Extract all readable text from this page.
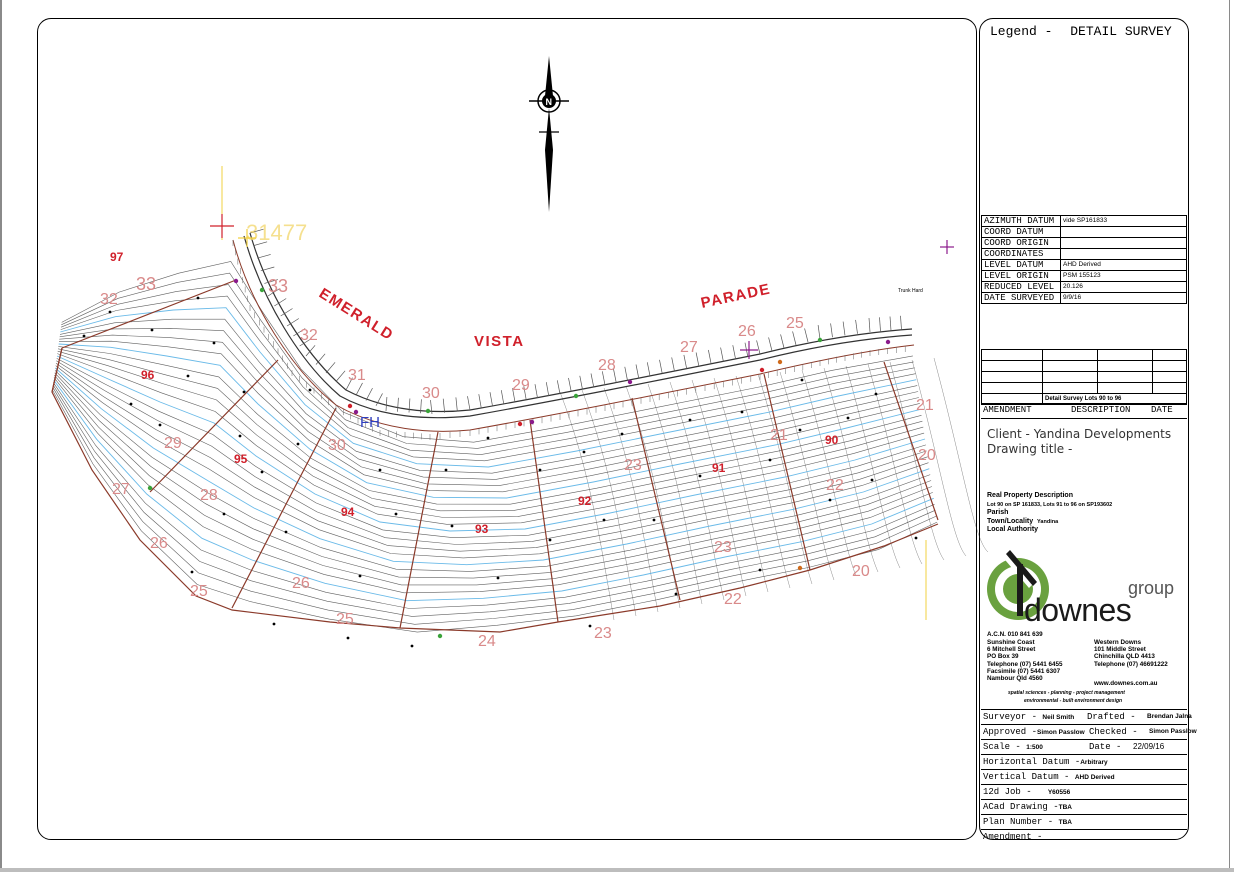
33
32
31
30
29
28
27
26
25	26
25
24	23
23
22
22
21
20
20
21
23
30	29
28
27
26 25
33
32	EMERALD	VISTA
PARADE
97
96
95
94
93
92
91
90
31477
FH
Trunk Hard
N
Legend - DETAIL SURVEY
AZIMUTH DATUM	vide SP161833
COORD DATUM	
COORD ORIGIN	
COORDINATES	
LEVEL DATUM	AHD Derived
LEVEL ORIGIN	PSM 155123
REDUCED LEVEL	20.126
DATE SURVEYED	9/9/16

	Detail Survey Lots 90 to 96		
AMENDMENT	DESCRIPTION DATE
Client - Yandina Developments
Drawing title -
Real Property Description
Lot 90 on SP 161833, Lots 91 to 96 on SP193602
Parish
Town/Locality Yandina
Local Authority
group
downes
A.C.N. 010 841 639
Sunshine Coast
6 Mitchell Street
PO Box 39
Telephone (07) 5441 6455
Facsimile (07) 5441 6307
Nambour Qld 4560
Western Downs
101 Middle Street
Chinchilla QLD 4413
Telephone (07) 46691222
www.downes.com.au
spatial sciences - planning - project management
environmental - built environment design
Surveyor - Neil Smith Drafted - Brendan Jalna
Approved -Simon Passlow Checked - Simon Passlow
Scale - 1:500	Date - 22/09/16
Horizontal Datum -Arbitrary
Vertical Datum - AHD Derived
12d Job - Y60556
ACad Drawing -TBA
Plan Number - TBA
Amendment -
